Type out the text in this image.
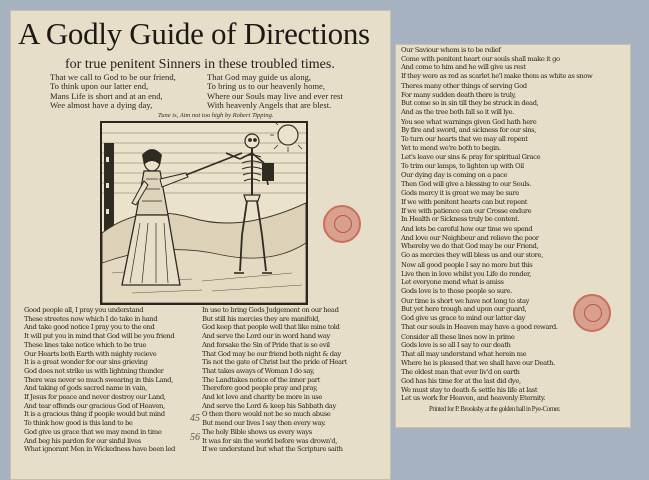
A Godly Guide of Directions
for true penitent Sinners in these troubled times.
That we call to God to be our friend,
To think upon our latter end,
Mans Life is short and at an end,
Wee almost have a dying day,
That God may guide us along,
To bring us to our heavenly home,
Where our Souls may live and ever rest
With heavenly Angels that are blest.
Tune is, Aim not too high by Robert Tipping.
Good people all, I pray you understand
These streetes now which I do take in hand
And take good notice I pray you to the end
It will put you in mind that God will be you friend
These lines take notice which to be true
Our Hearts both Earth with mighty recieve
It is a great wonder for our sins grieving
God does not strike us with lightning thunder
There was never so much swearing in this Land,
And taking of gods sacred name in vain,
If Jesus for peace and never destroy our Land,
And tear offends our gracious God of Heaven,
It is a gracious thing if people would but mind
To think how good is this land to be
God give us grace that we may mend in time
And beg his pardon for our sinful lives
What ignorant Men in Wickedness have been led
45
56
In use to bring Gods Judgement on our head
But still his mercies they are manifold,
God keep that people well that like mine told
And serve the Lord our in word hand way
And forsake the Sin of Pride that is so evil
That God may be our friend both night & day
Tis not the gate of Christ but the pride of Heart
That takes aways of Woman I do say,
The Landtakes notice of the inner part
Therefore good people pray and pray,
And let love and charity be more in use
And serve the Lord & keep his Sabbath day
O then there would not be so much abuse
But mend our lives I say then every way.
The holy Bible shows us every ways
It was for sin the world before was drown'd,
If we understand but what the Scripture saith
Our Saviour whom is to be relief
Come with penitent heart our souls shall make it go
And come to him and he will give us rest
If they were as red as scarlet he'l make them as white as snow
Theres many other things of serving God
For many sudden death there is truly,
But come so in sin till they be struck in dead,
And as the tree both fall so it will lye.
You see what warnings given God hath here
By fire and sword, and sickness for our sins,
To turn our hearts that we may all repent
Yet to mend we're both to begin.
Let's leave our sins & pray for spiritual Grace
To trim our lamps, to lighten up with Oil
Our dying day is coming on a pace
Then God will give a blessing to our Souls.
Gods mercy it is great we may be sure
If we with penitent hearts can but repent
If we with patience can our Crosse endure
In Health or Sickness truly be content.
And lets be careful how our time we spend
And love our Neighbour and relieve the poor
Whereby we do that God may be our Friend,
Go as mercies they will bless us and our store,
Now all good people I say no more but this
Live then in love whilst you Life do render,
Let everyone mend what is amiss
Gods love is to those people so sure.
Our time is short we have not long to stay
But yet here trough and upon our guard,
God give us grace to mind our latter day
That our souls in Heaven may have a good reward.
Consider all these lines now in prime
Gods love is so all I say to our death
That all may understand what herein me
Where he is pleased that we shall have our Death.
The oldest man that ever liv'd on earth
God has his time for at the last did dye,
We must stay to death & settle his life at last
Let us work for Heaven, and heavenly Eternity.
Printed for P. Brooksby at the golden ball in Pye-Corner.
